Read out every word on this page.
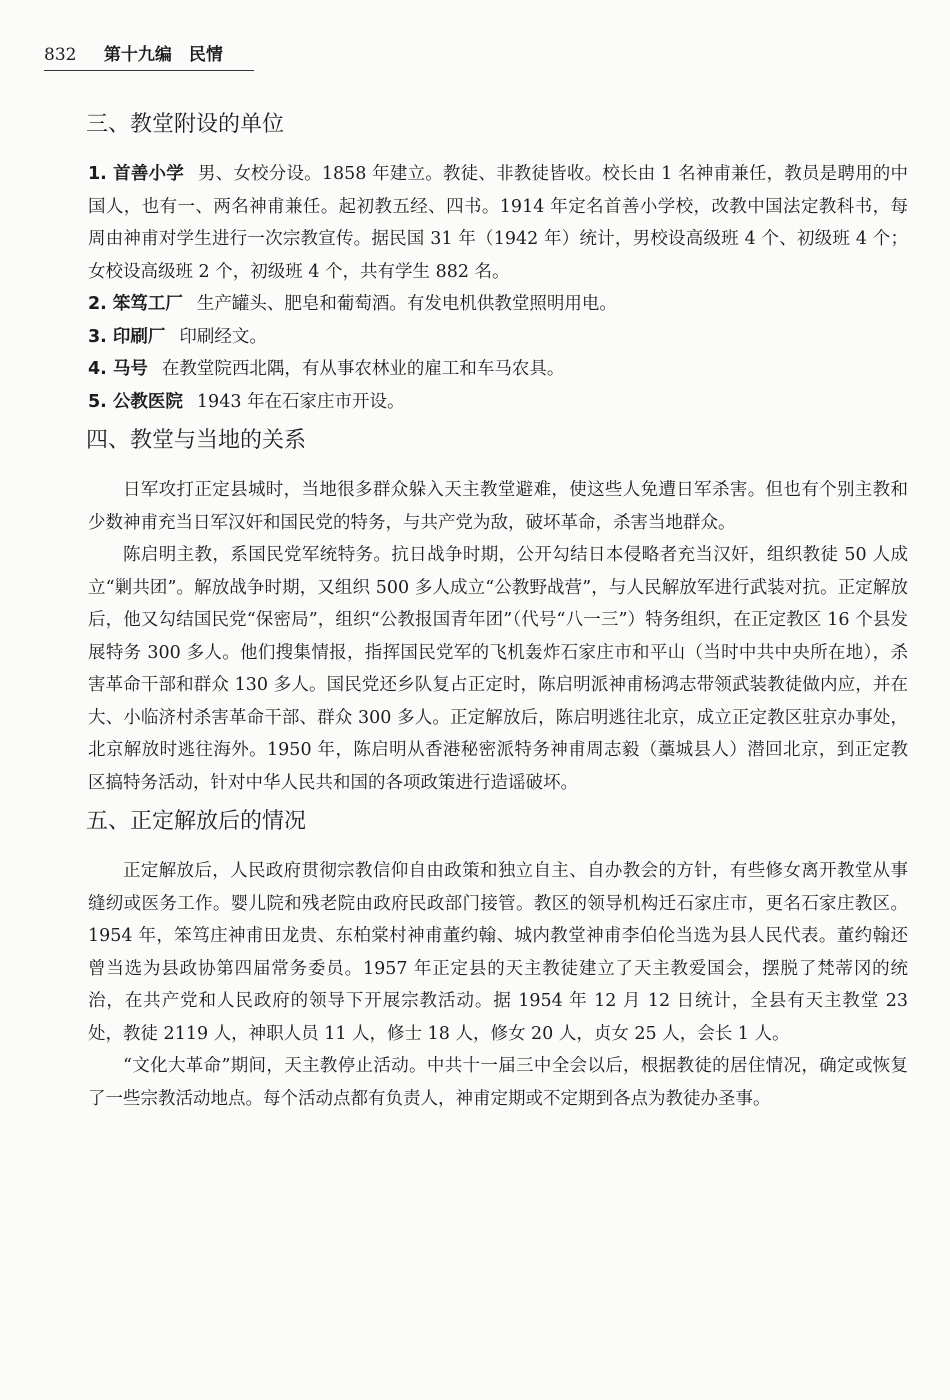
832 第十九编　民情
三、教堂附设的单位

1. 首善小学 男、女校分设。1858 年建立。教徒、非教徒皆收。校长由 1 名神甫兼任，教员是聘用的中国人，也有一、两名神甫兼任。起初教五经、四书。1914 年定名首善小学校，改教中国法定教科书，每周由神甫对学生进行一次宗教宣传。据民国 31 年（1942 年）统计，男校设高级班 4 个、初级班 4 个；女校设高级班 2 个，初级班 4 个，共有学生 882 名。

2. 笨笃工厂 生产罐头、肥皂和葡萄酒。有发电机供教堂照明用电。

3. 印刷厂 印刷经文。

4. 马号 在教堂院西北隅，有从事农林业的雇工和车马农具。

5. 公教医院 1943 年在石家庄市开设。

四、教堂与当地的关系

日军攻打正定县城时，当地很多群众躲入天主教堂避难，使这些人免遭日军杀害。但也有个别主教和少数神甫充当日军汉奸和国民党的特务，与共产党为敌，破坏革命，杀害当地群众。

陈启明主教，系国民党军统特务。抗日战争时期，公开勾结日本侵略者充当汉奸，组织教徒 50 人成立“剿共团”。解放战争时期，又组织 500 多人成立“公教野战营”，与人民解放军进行武装对抗。正定解放后，他又勾结国民党“保密局”，组织“公教报国青年团”（代号“八一三”）特务组织，在正定教区 16 个县发展特务 300 多人。他们搜集情报，指挥国民党军的飞机轰炸石家庄市和平山（当时中共中央所在地），杀害革命干部和群众 130 多人。国民党还乡队复占正定时，陈启明派神甫杨鸿志带领武装教徒做内应，并在大、小临济村杀害革命干部、群众 300 多人。正定解放后，陈启明逃往北京，成立正定教区驻京办事处，北京解放时逃往海外。1950 年，陈启明从香港秘密派特务神甫周志毅（藁城县人）潜回北京，到正定教区搞特务活动，针对中华人民共和国的各项政策进行造谣破坏。

五、正定解放后的情况

正定解放后，人民政府贯彻宗教信仰自由政策和独立自主、自办教会的方针，有些修女离开教堂从事缝纫或医务工作。婴儿院和残老院由政府民政部门接管。教区的领导机构迁石家庄市，更名石家庄教区。1954 年，笨笃庄神甫田龙贵、东柏棠村神甫董约翰、城内教堂神甫李伯伦当选为县人民代表。董约翰还曾当选为县政协第四届常务委员。1957 年正定县的天主教徒建立了天主教爱国会，摆脱了梵蒂冈的统治，在共产党和人民政府的领导下开展宗教活动。据 1954 年 12 月 12 日统计，全县有天主教堂 23 处，教徒 2119 人，神职人员 11 人，修士 18 人，修女 20 人，贞女 25 人，会长 1 人。

“文化大革命”期间，天主教停止活动。中共十一届三中全会以后，根据教徒的居住情况，确定或恢复了一些宗教活动地点。每个活动点都有负责人，神甫定期或不定期到各点为教徒办圣事。
